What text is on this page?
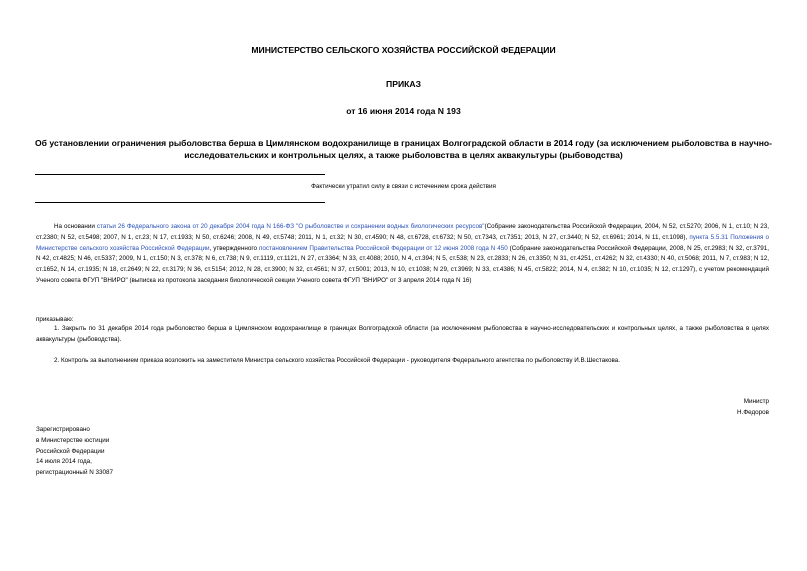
МИНИСТЕРСТВО СЕЛЬСКОГО ХОЗЯЙСТВА РОССИЙСКОЙ ФЕДЕРАЦИИ
ПРИКАЗ
от 16 июня 2014 года N 193
Об установлении ограничения рыболовства берша в Цимлянском водохранилище в границах Волгоградской области в 2014 году (за исключением рыболовства в научно-исследовательских и контрольных целях, а также рыболовства в целях аквакультуры (рыбоводства)
Фактически утратил силу в связи с истечением срока действия
На основании статьи 26 Федерального закона от 20 декабря 2004 года N 166-ФЗ "О рыболовстве и сохранении водных биологических ресурсов"(Собрание законодательства Российской Федерации, 2004, N 52, ст.5270; 2006, N 1, ст.10; N 23, ст.2380; N 52, ст.5498; 2007, N 1, ст.23; N 17, ст.1933; N 50, ст.6246; 2008, N 49, ст.5748; 2011, N 1, ст.32; N 30, ст.4590; N 48, ст.6728, ст.6732; N 50, ст.7343, ст.7351; 2013, N 27, ст.3440; N 52, ст.6961; 2014, N 11, ст.1098), пункта 5.5.31 Положения о Министерстве сельского хозяйства Российской Федерации, утвержденного постановлением Правительства Российской Федерации от 12 июня 2008 года N 450 (Собрание законодательства Российской Федерации, 2008, N 25, ст.2983; N 32, ст.3791, N 42, ст.4825; N 46, ст.5337; 2009, N 1, ст.150; N 3, ст.378; N 6, ст.738; N 9, ст.1119, ст.1121, N 27, ст.3364; N 33, ст.4088; 2010, N 4, ст.394; N 5, ст.538; N 23, ст.2833; N 26, ст.3350; N 31, ст.4251, ст.4262; N 32, ст.4330; N 40, ст.5068; 2011, N 7, ст.983; N 12, ст.1652, N 14, ст.1935; N 18, ст.2649; N 22, ст.3179; N 36, ст.5154; 2012, N 28, ст.3900; N 32, ст.4561; N 37, ст.5001; 2013, N 10, ст.1038; N 29, ст.3969; N 33, ст.4386; N 45, ст.5822; 2014, N 4, ст.382; N 10, ст.1035; N 12, ст.1297), с учетом рекомендаций Ученого совета ФГУП "ВНИРО" (выписка из протокола заседания биологической секции Ученого совета ФГУП "ВНИРО" от 3 апреля 2014 года N 16)
приказываю:
1. Закрыть по 31 декабря 2014 года рыболовство берша в Цимлянском водохранилище в границах Волгоградской области (за исключением рыболовства в научно-исследовательских и контрольных целях, а также рыболовства в целях аквакультуры (рыбоводства).
2. Контроль за выполнением приказа возложить на заместителя Министра сельского хозяйства Российской Федерации - руководителя Федерального агентства по рыболовству И.В.Шестакова.
Министр
Н.Федоров
Зарегистрировано
в Министерстве юстиции
Российской Федерации
14 июля 2014 года,
регистрационный N 33087
